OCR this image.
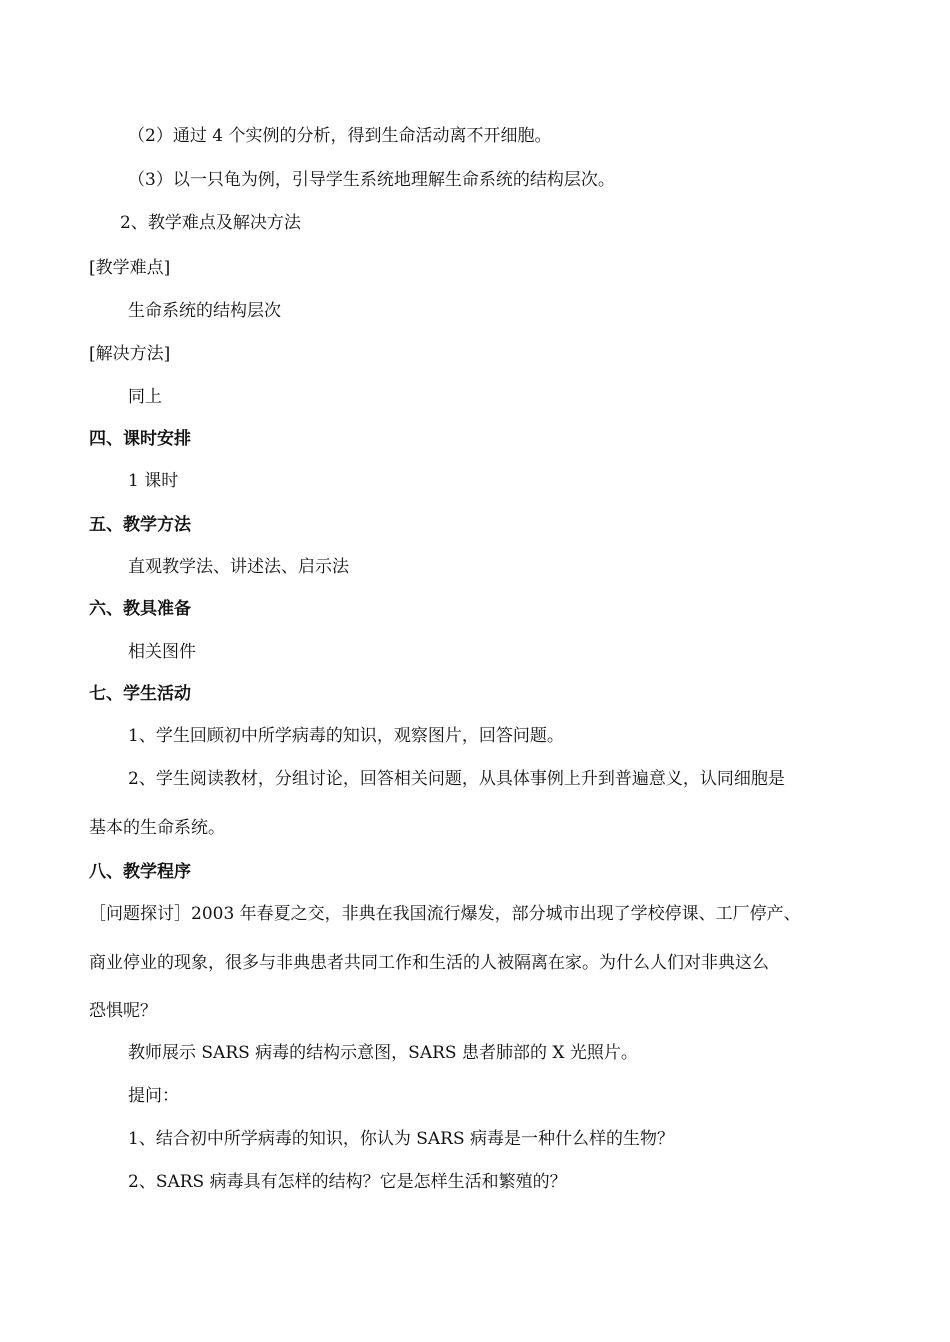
（2）通过 4 个实例的分析，得到生命活动离不开细胞。
（3）以一只龟为例，引导学生系统地理解生命系统的结构层次。
2、教学难点及解决方法
[教学难点]
生命系统的结构层次
[解决方法]
同上
四、课时安排
1 课时
五、教学方法
直观教学法、讲述法、启示法
六、教具准备
相关图件
七、学生活动
1、学生回顾初中所学病毒的知识，观察图片，回答问题。
2、学生阅读教材，分组讨论，回答相关问题，从具体事例上升到普遍意义，认同细胞是
基本的生命系统。
八、教学程序
［问题探讨］2003 年春夏之交，非典在我国流行爆发，部分城市出现了学校停课、工厂停产、
商业停业的现象，很多与非典患者共同工作和生活的人被隔离在家。为什么人们对非典这么
恐惧呢？
教师展示 SARS 病毒的结构示意图，SARS 患者肺部的 X 光照片。
提问：
1、结合初中所学病毒的知识，你认为 SARS 病毒是一种什么样的生物？
2、SARS 病毒具有怎样的结构？它是怎样生活和繁殖的？
